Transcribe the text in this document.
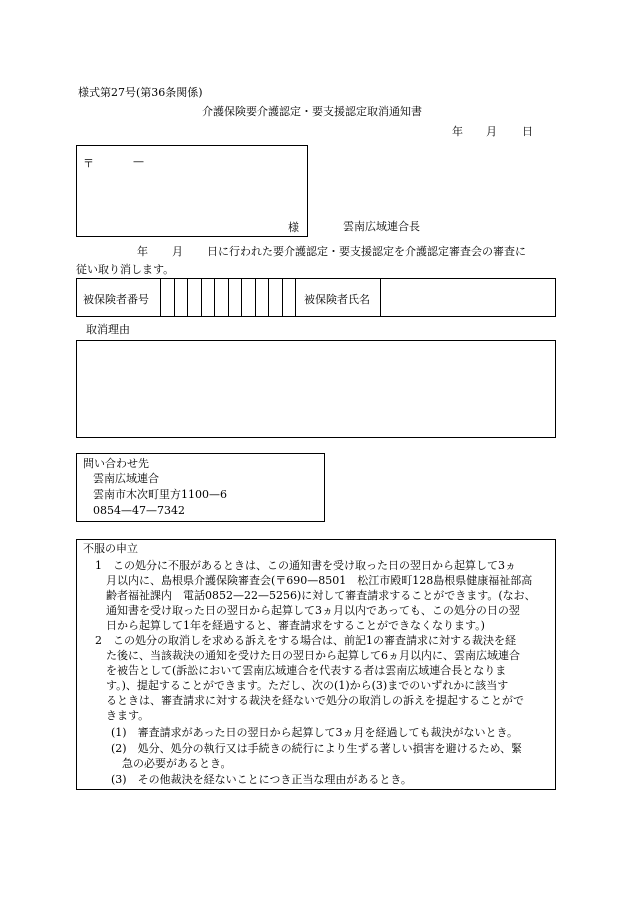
様式第27号(第36条関係)
介護保険要介護認定・要支援認定取消通知書
年 月 日
〒	—
様	雲南広域連合長
年 月 日に行われた要介護認定・要支援認定を介護認定審査会の審査に
従い取り消します。
被保険者番号	被保険者氏名
取消理由
問い合わせ先
雲南広域連合
雲南市木次町里方1100—6
0854—47—7342
不服の申立
1　この処分に不服があるときは、この通知書を受け取った日の翌日から起算して3ヵ
月以内に、島根県介護保険審査会(〒690—8501　松江市殿町128島根県健康福祉部高
齢者福祉課内　電話0852—22—5256)に対して審査請求することができます。(なお、
通知書を受け取った日の翌日から起算して3ヵ月以内であっても、この処分の日の翌
日から起算して1年を経過すると、審査請求をすることができなくなります。)
2　この処分の取消しを求める訴えをする場合は、前記1の審査請求に対する裁決を経
た後に、当該裁決の通知を受けた日の翌日から起算して6ヵ月以内に、雲南広域連合
を被告として(訴訟において雲南広域連合を代表する者は雲南広域連合長となりま
す。)、提起することができます。ただし、次の(1)から(3)までのいずれかに該当す
るときは、審査請求に対する裁決を経ないで処分の取消しの訴えを提起することがで
きます。
(1)　審査請求があった日の翌日から起算して3ヵ月を経過しても裁決がないとき。
(2)　処分、処分の執行又は手続きの続行により生ずる著しい損害を避けるため、緊
急の必要があるとき。
(3)　その他裁決を経ないことにつき正当な理由があるとき。
